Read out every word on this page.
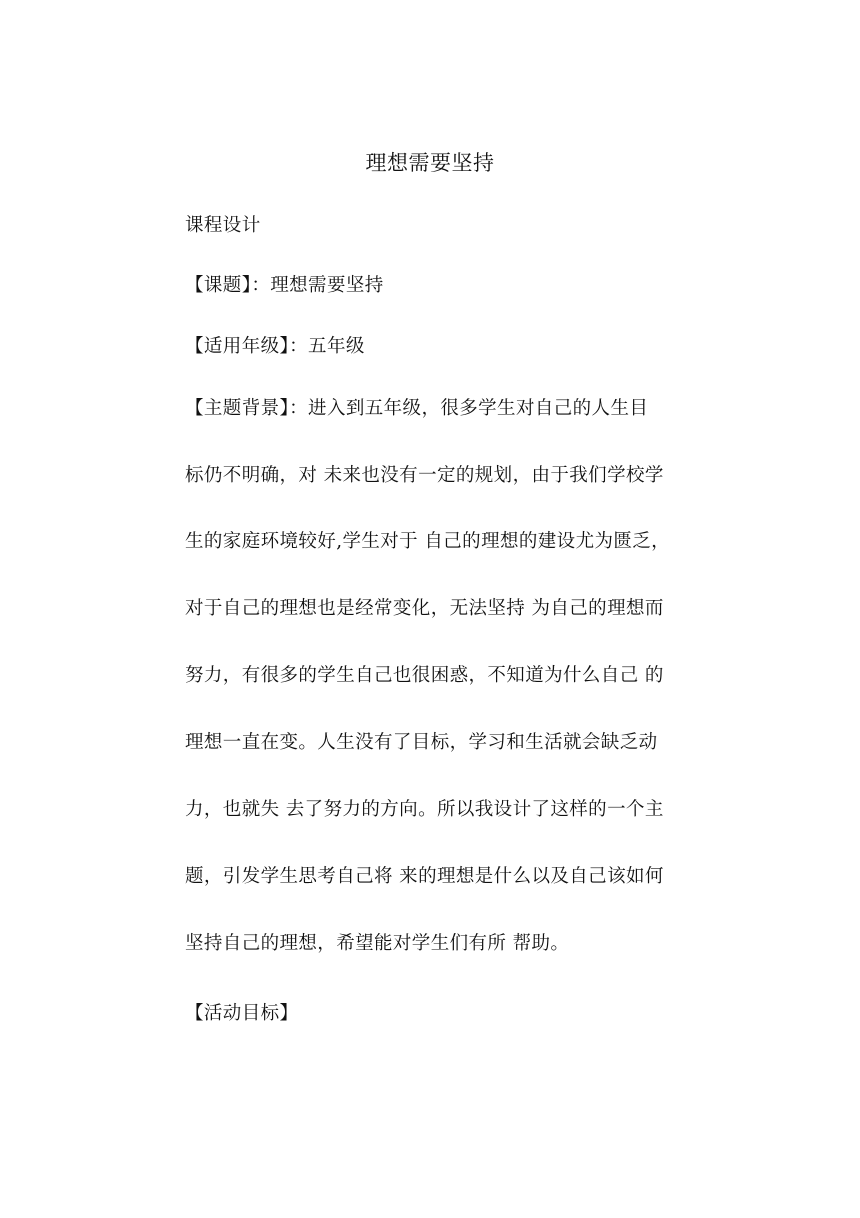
理想需要坚持
课程设计
【课题】：理想需要坚持
【适用年级】：五年级
【主题背景】：进入到五年级，很多学生对自己的人生目
标仍不明确，对 未来也没有一定的规划，由于我们学校学
生的家庭环境较好,学生对于 自己的理想的建设尤为匮乏，
对于自己的理想也是经常变化，无法坚持 为自己的理想而
努力，有很多的学生自己也很困惑，不知道为什么自己 的
理想一直在变。人生没有了目标，学习和生活就会缺乏动
力，也就失 去了努力的方向。所以我设计了这样的一个主
题，引发学生思考自己将 来的理想是什么以及自己该如何
坚持自己的理想，希望能对学生们有所 帮助。
【活动目标】
